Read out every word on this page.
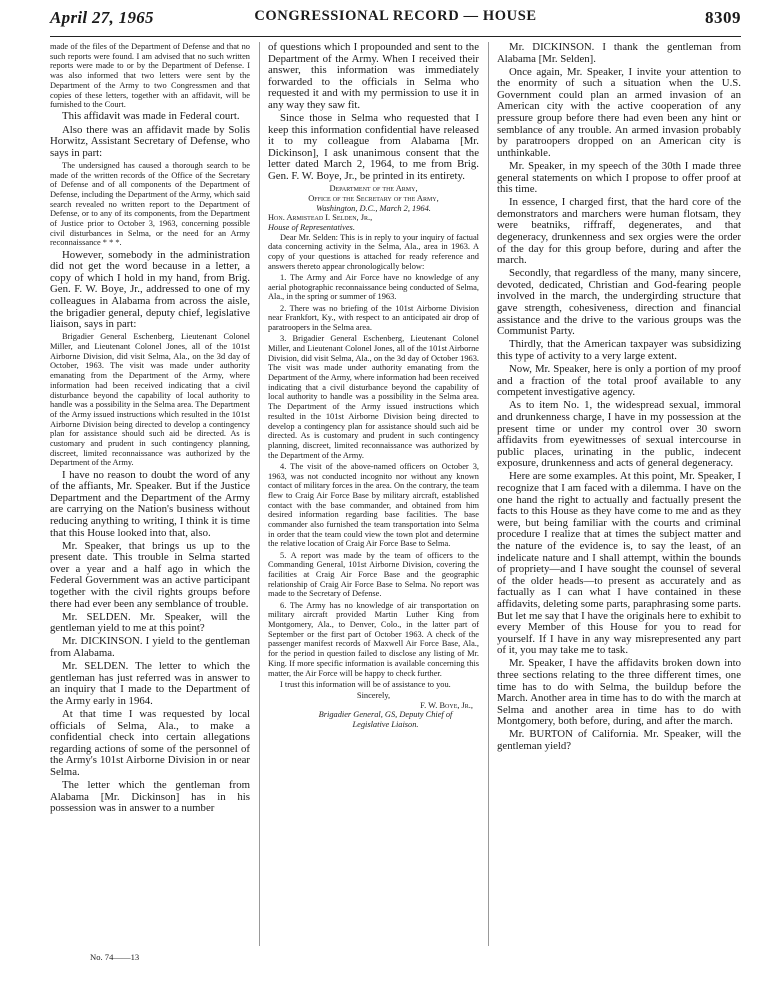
April 27, 1965	CONGRESSIONAL RECORD — HOUSE	8309

made of the files of the Department of Defense and that no such reports were found. I am advised that no such written reports were made to or by the Department of Defense. I was also informed that two letters were sent by the Department of the Army to two Congressmen and that copies of these letters, together with an affidavit, will be furnished to the Court.

This affidavit was made in Federal court.

Also there was an affidavit made by Solis Horwitz, Assistant Secretary of Defense, who says in part:

The undersigned has caused a thorough search to be made of the written records of the Office of the Secretary of Defense and of all components of the Department of Defense, including the Department of the Army, which said search revealed no written report to the Department of Defense, or to any of its components, from the Department of Justice prior to October 3, 1963, concerning possible civil disturbances in Selma, or the need for an Army reconnaissance * * *.

However, somebody in the administration did not get the word because in a letter, a copy of which I hold in my hand, from Brig. Gen. F. W. Boye, Jr., addressed to one of my colleagues in Alabama from across the aisle, the brigadier general, deputy chief, legislative liaison, says in part:

Brigadier General Eschenberg, Lieutenant Colonel Miller, and Lieutenant Colonel Jones, all of the 101st Airborne Division, did visit Selma, Ala., on the 3d day of October, 1963. The visit was made under authority emanating from the Department of the Army, where information had been received indicating that a civil disturbance beyond the capability of local authority to handle was a possibility in the Selma area. The Department of the Army issued instructions which resulted in the 101st Airborne Division being directed to develop a contingency plan for assistance should such aid be directed. As is customary and prudent in such contingency planning, discreet, limited reconnaissance was authorized by the Department of the Army.

I have no reason to doubt the word of any of the affiants, Mr. Speaker. But if the Justice Department and the Department of the Army are carrying on the Nation's business without reducing anything to writing, I think it is time that this House looked into that, also.

Mr. Speaker, that brings us up to the present date. This trouble in Selma started over a year and a half ago in which the Federal Government was an active participant together with the civil rights groups before there had ever been any semblance of trouble.

Mr. SELDEN. Mr. Speaker, will the gentleman yield to me at this point?

Mr. DICKINSON. I yield to the gentleman from Alabama.

Mr. SELDEN. The letter to which the gentleman has just referred was in answer to an inquiry that I made to the Department of the Army early in 1964.

At that time I was requested by local officials of Selma, Ala., to make a confidential check into certain allegations regarding actions of some of the personnel of the Army's 101st Airborne Division in or near Selma.

The letter which the gentleman from Alabama [Mr. Dickinson] has in his possession was in answer to a number

of questions which I propounded and sent to the Department of the Army. When I received their answer, this information was immediately forwarded to the officials in Selma who requested it and with my permission to use it in any way they saw fit.

Since those in Selma who requested that I keep this information confidential have released it to my colleague from Alabama [Mr. Dickinson], I ask unanimous consent that the letter dated March 2, 1964, to me from Brig. Gen. F. W. Boye, Jr., be printed in its entirety.

Department of the Army,

Office of the Secretary of the Army,

Washington, D.C., March 2, 1964.

Hon. Armistead I. Selden, Jr.,

House of Representatives.

Dear Mr. Selden: This is in reply to your inquiry of factual data concerning activity in the Selma, Ala., area in 1963. A copy of your questions is attached for ready reference and answers thereto appear chronologically below:

1. The Army and Air Force have no knowledge of any aerial photographic reconnaissance being conducted of Selma, Ala., in the spring or summer of 1963.

2. There was no briefing of the 101st Airborne Division near Frankfort, Ky., with respect to an anticipated air drop of paratroopers in the Selma area.

3. Brigadier General Eschenberg, Lieutenant Colonel Miller, and Lieutenant Colonel Jones, all of the 101st Airborne Division, did visit Selma, Ala., on the 3d day of October 1963. The visit was made under authority emanating from the Department of the Army, where information had been received indicating that a civil disturbance beyond the capability of local authority to handle was a possibility in the Selma area. The Department of the Army issued instructions which resulted in the 101st Airborne Division being directed to develop a contingency plan for assistance should such aid be directed. As is customary and prudent in such contingency planning, discreet, limited reconnaissance was authorized by the Department of the Army.

4. The visit of the above-named officers on October 3, 1963, was not conducted incognito nor without any known contact of military forces in the area. On the contrary, the team flew to Craig Air Force Base by military aircraft, established contact with the base commander, and obtained from him desired information regarding base facilities. The base commander also furnished the team transportation into Selma in order that the team could view the town plot and determine the relative location of Craig Air Force Base to Selma.

5. A report was made by the team of officers to the Commanding General, 101st Airborne Division, covering the facilities at Craig Air Force Base and the geographic relationship of Craig Air Force Base to Selma. No report was made to the Secretary of Defense.

6. The Army has no knowledge of air transportation on military aircraft provided Martin Luther King from Montgomery, Ala., to Denver, Colo., in the latter part of September or the first part of October 1963. A check of the passenger manifest records of Maxwell Air Force Base, Ala., for the period in question failed to disclose any listing of Mr. King. If more specific information is available concerning this matter, the Air Force will be happy to check further.

I trust this information will be of assistance to you.

Sincerely,

F. W. Boye, Jr.,

Brigadier General, GS, Deputy Chief of

Legislative Liaison.

Mr. DICKINSON. I thank the gentleman from Alabama [Mr. Selden].

Once again, Mr. Speaker, I invite your attention to the enormity of such a situation when the U.S. Government could plan an armed invasion of an American city with the active cooperation of any pressure group before there had even been any hint or semblance of any trouble. An armed invasion probably by paratroopers dropped on an American city is unthinkable.

Mr. Speaker, in my speech of the 30th I made three general statements on which I propose to offer proof at this time.

In essence, I charged first, that the hard core of the demonstrators and marchers were human flotsam, they were beatniks, riffraff, degenerates, and that degeneracy, drunkenness and sex orgies were the order of the day for this group before, during and after the march.

Secondly, that regardless of the many, many sincere, devoted, dedicated, Christian and God-fearing people involved in the march, the undergirding structure that gave strength, cohesiveness, direction and financial assistance and the drive to the various groups was the Communist Party.

Thirdly, that the American taxpayer was subsidizing this type of activity to a very large extent.

Now, Mr. Speaker, here is only a portion of my proof and a fraction of the total proof available to any competent investigative agency.

As to item No. 1, the widespread sexual, immoral and drunkenness charge, I have in my possession at the present time or under my control over 30 sworn affidavits from eyewitnesses of sexual intercourse in public places, urinating in the public, indecent exposure, drunkenness and acts of general degeneracy.

Here are some examples. At this point, Mr. Speaker, I recognize that I am faced with a dilemma. I have on the one hand the right to actually and factually present the facts to this House as they have come to me and as they were, but being familiar with the courts and criminal procedure I realize that at times the subject matter and the nature of the evidence is, to say the least, of an indelicate nature and I shall attempt, within the bounds of propriety—and I have sought the counsel of several of the older heads—to present as accurately and as factually as I can what I have contained in these affidavits, deleting some parts, paraphrasing some parts. But let me say that I have the originals here to exhibit to every Member of this House for you to read for yourself. If I have in any way misrepresented any part of it, you may take me to task.

Mr. Speaker, I have the affidavits broken down into three sections relating to the three different times, one time has to do with Selma, the buildup before the March. Another area in time has to do with the march at Selma and another area in time has to do with Montgomery, both before, during, and after the march.

Mr. BURTON of California. Mr. Speaker, will the gentleman yield?

No. 74——13
